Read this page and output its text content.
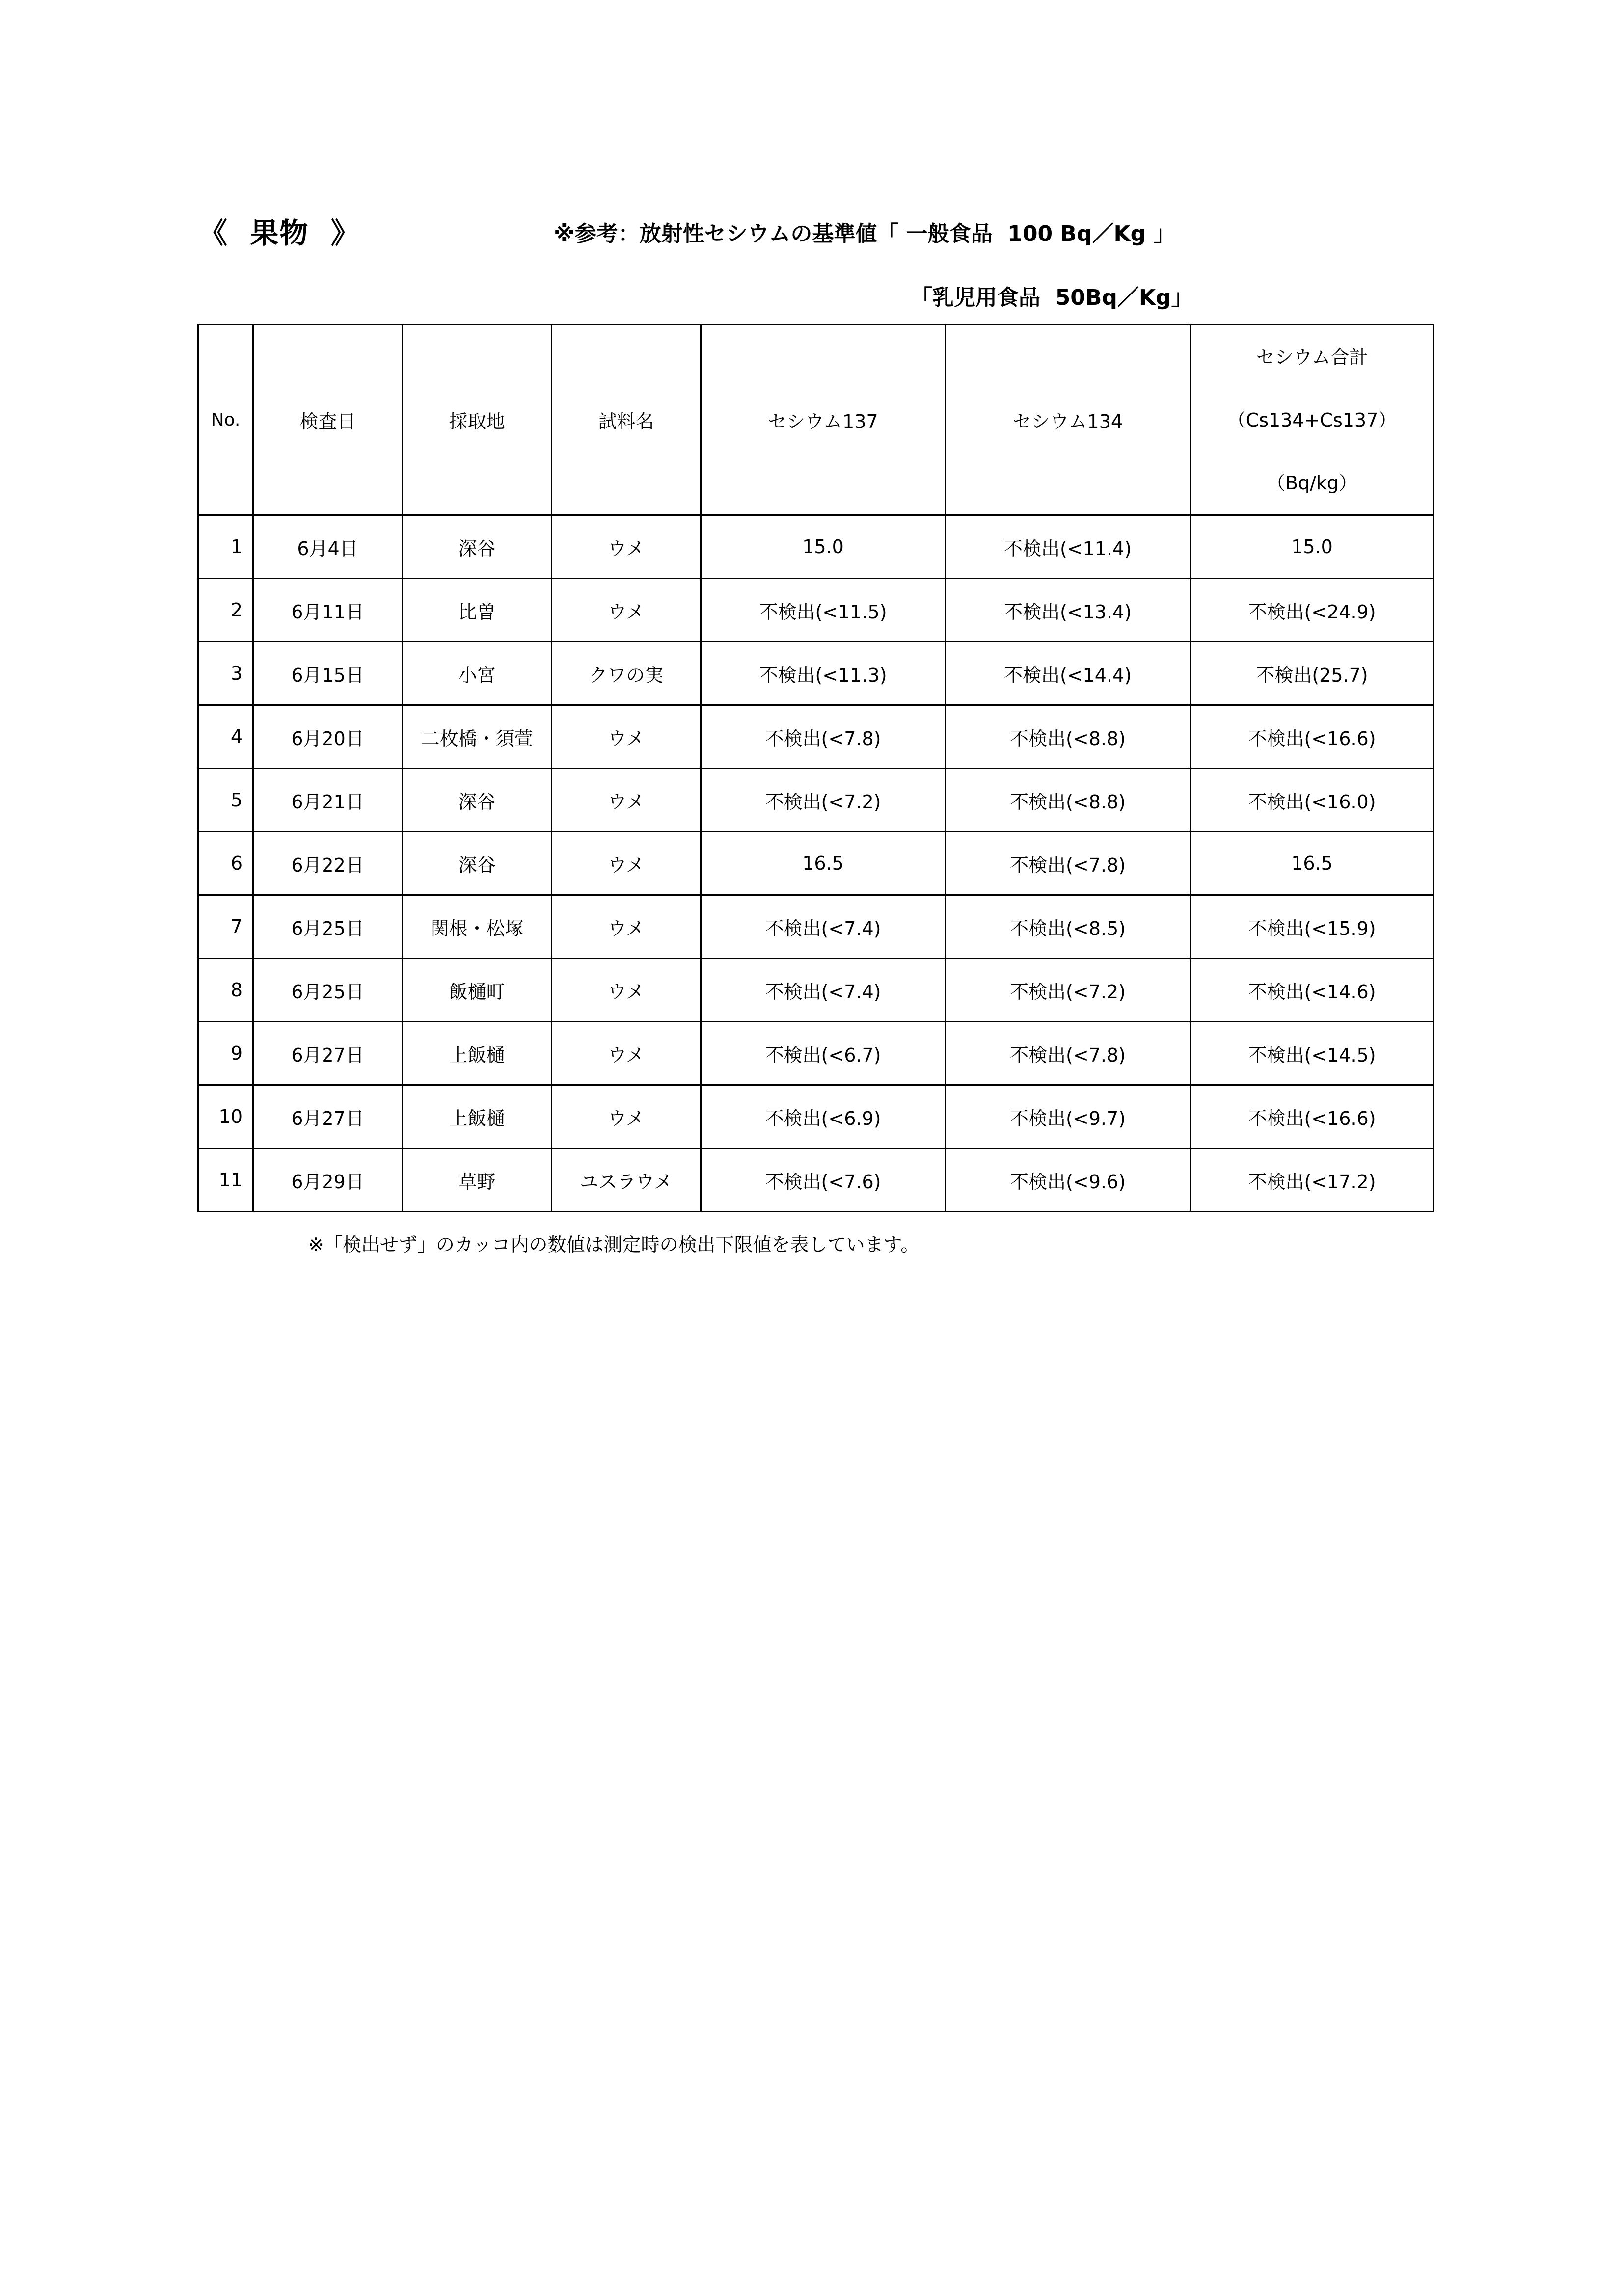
《  果物  》	※参考：放射性セシウムの基準値「 一般食品  100 Bq／Kg 」
「乳児用食品  50Bq／Kg」
No.	検査日	採取地	試料名	セシウム137	セシウム134	セシウム合計
（Cs134+Cs137）
（Bq/kg）

1	6月4日	深谷	ウメ	15.0	不検出(<11.4)	15.0
2	6月11日	比曽	ウメ	不検出(<11.5)	不検出(<13.4)	不検出(<24.9)
3	6月15日	小宮	クワの実	不検出(<11.3)	不検出(<14.4)	不検出(25.7)
4	6月20日	二枚橋・須萱	ウメ	不検出(<7.8)	不検出(<8.8)	不検出(<16.6)
5	6月21日	深谷	ウメ	不検出(<7.2)	不検出(<8.8)	不検出(<16.0)
6	6月22日	深谷	ウメ	16.5	不検出(<7.8)	16.5
7	6月25日	関根・松塚	ウメ	不検出(<7.4)	不検出(<8.5)	不検出(<15.9)
8	6月25日	飯樋町	ウメ	不検出(<7.4)	不検出(<7.2)	不検出(<14.6)
9	6月27日	上飯樋	ウメ	不検出(<6.7)	不検出(<7.8)	不検出(<14.5)
10	6月27日	上飯樋	ウメ	不検出(<6.9)	不検出(<9.7)	不検出(<16.6)
11	6月29日	草野	ユスラウメ	不検出(<7.6)	不検出(<9.6)	不検出(<17.2)
※「検出せず」のカッコ内の数値は測定時の検出下限値を表しています。
